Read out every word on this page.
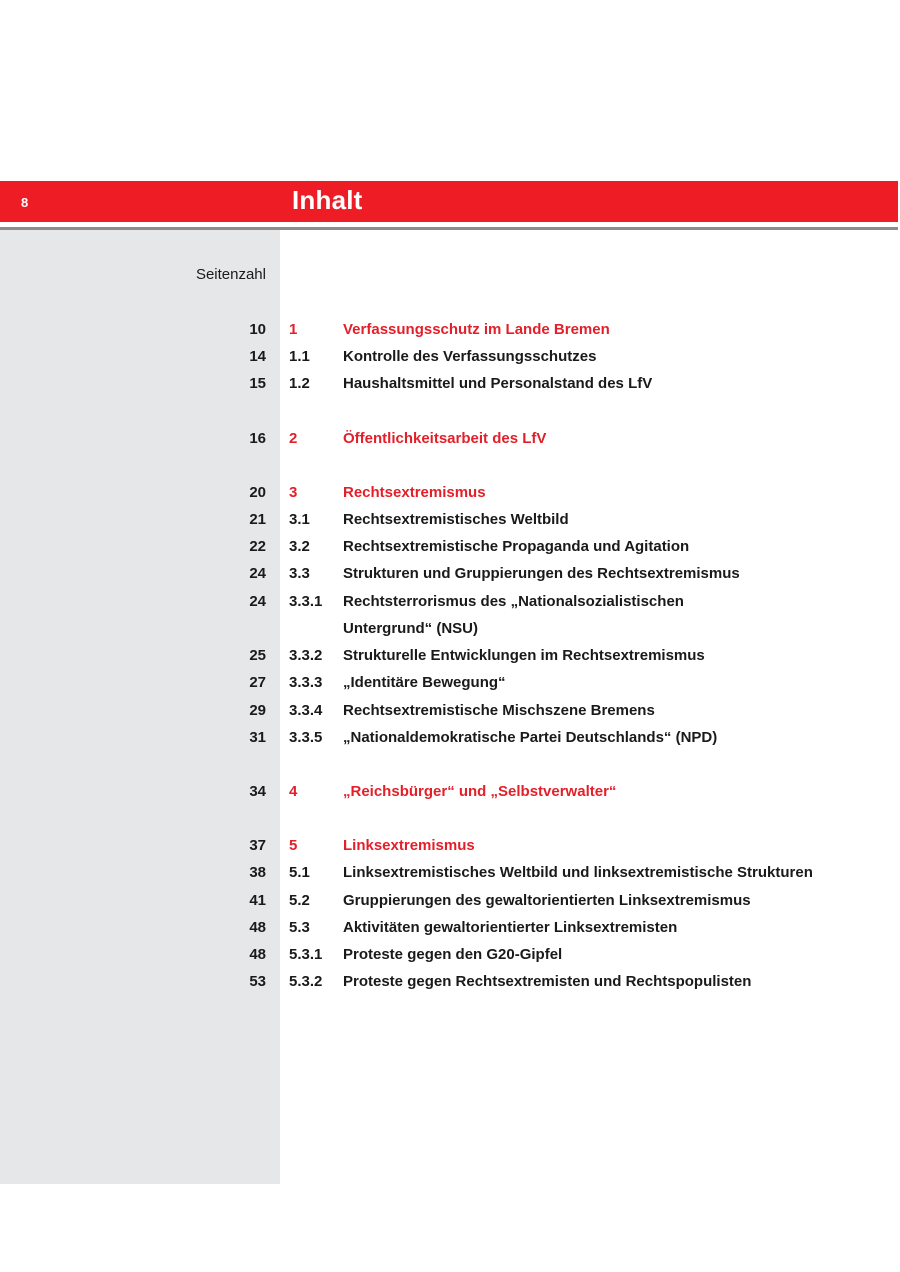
8	Inhalt
Seitenzahl
10 1	Verfassungsschutz im Lande Bremen
14 1.1	Kontrolle des Verfassungsschutzes
15 1.2	Haushaltsmittel und Personalstand des LfV
16 2	Öffentlichkeitsarbeit des LfV
20 3	Rechtsextremismus
21 3.1	Rechtsextremistisches Weltbild
22 3.2	Rechtsextremistische Propaganda und Agitation
24 3.3	Strukturen und Gruppierungen des Rechtsextremismus
24 3.3.1	Rechtsterrorismus des „Nationalsozialistischen
Untergrund“ (NSU)
25 3.3.2	Strukturelle Entwicklungen im Rechtsextremismus
27 3.3.3	„Identitäre Bewegung“
29 3.3.4	Rechtsextremistische Mischszene Bremens
31 3.3.5	„Nationaldemokratische Partei Deutschlands“ (NPD)
34 4	„Reichsbürger“ und „Selbstverwalter“
37 5	Linksextremismus
38 5.1	Linksextremistisches Weltbild und linksextremistische Strukturen
41 5.2	Gruppierungen des gewaltorientierten Linksextremismus
48 5.3	Aktivitäten gewaltorientierter Linksextremisten
48 5.3.1	Proteste gegen den G20-Gipfel
53 5.3.2	Proteste gegen Rechtsextremisten und Rechtspopulisten
